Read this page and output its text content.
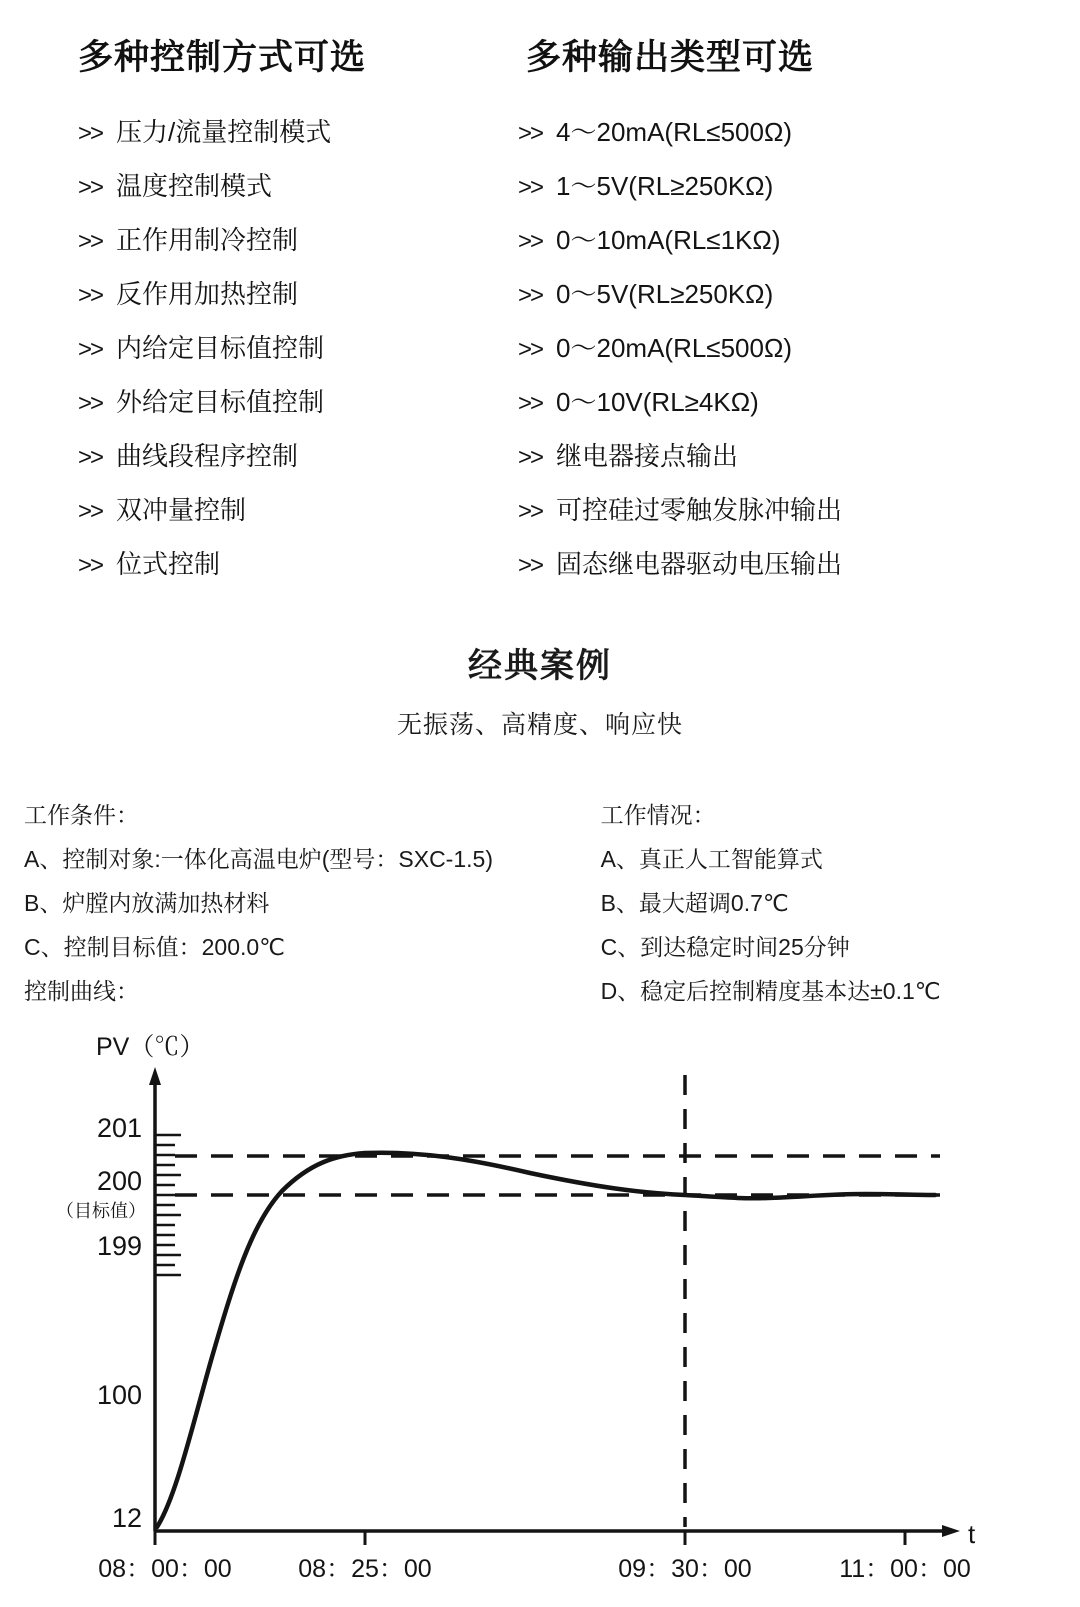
多种控制方式可选
>> 压力/流量控制模式
>> 温度控制模式
>> 正作用制冷控制
>> 反作用加热控制
>> 内给定目标值控制
>> 外给定目标值控制
>> 曲线段程序控制
>> 双冲量控制
>> 位式控制
多种输出类型可选
>> 4〜20mA(RL≤500Ω)
>> 1〜5V(RL≥250KΩ)
>> 0〜10mA(RL≤1KΩ)
>> 0〜5V(RL≥250KΩ)
>> 0〜20mA(RL≤500Ω)
>> 0〜10V(RL≥4KΩ)
>> 继电器接点输出
>> 可控硅过零触发脉冲输出
>> 固态继电器驱动电压输出
经典案例
无振荡、高精度、响应快
工作条件：
A、控制对象:一体化高温电炉(型号：SXC-1.5)
B、炉膛内放满加热材料
C、控制目标值：200.0℃
控制曲线：
工作情况：
A、真正人工智能算式
B、最大超调0.7℃
C、到达稳定时间25分钟
D、稳定后控制精度基本达±0.1℃
PV（℃）
201
200
（目标值）
199
100
12
08：00：00	08：25：00	09：30：00	11：00：00
t
